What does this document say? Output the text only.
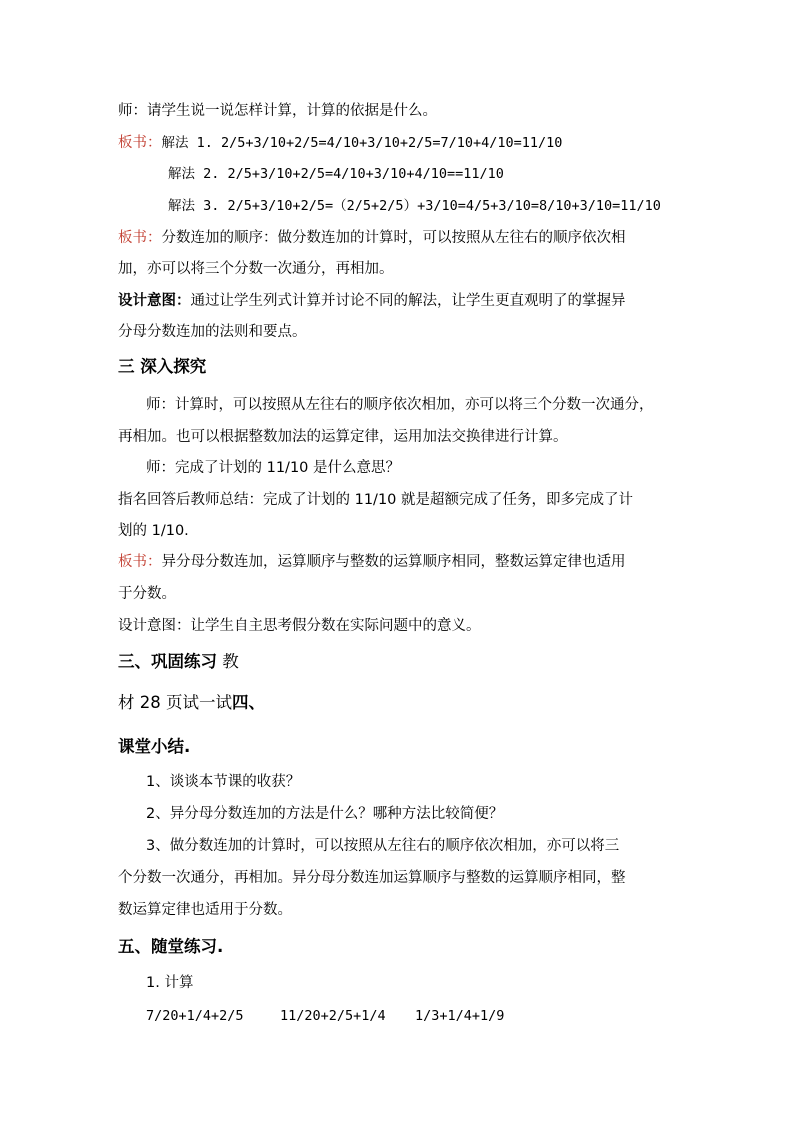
师：请学生说一说怎样计算，计算的依据是什么。
板书：解法 1. 2/5+3/10+2/5=4/10+3/10+2/5=7/10+4/10=11/10
解法 2. 2/5+3/10+2/5=4/10+3/10+4/10==11/10
解法 3. 2/5+3/10+2/5=（2/5+2/5）+3/10=4/5+3/10=8/10+3/10=11/10
板书：分数连加的顺序：做分数连加的计算时，可以按照从左往右的顺序依次相
加，亦可以将三个分数一次通分，再相加。
设计意图：通过让学生列式计算并讨论不同的解法，让学生更直观明了的掌握异
分母分数连加的法则和要点。
三 深入探究
师：计算时，可以按照从左往右的顺序依次相加，亦可以将三个分数一次通分，
再相加。也可以根据整数加法的运算定律，运用加法交换律进行计算。
师：完成了计划的 11/10 是什么意思？
指名回答后教师总结：完成了计划的 11/10 就是超额完成了任务，即多完成了计
划的 1/10.
板书：异分母分数连加，运算顺序与整数的运算顺序相同，整数运算定律也适用
于分数。
设计意图：让学生自主思考假分数在实际问题中的意义。
三、巩固练习 教
材 28 页试一试四、
课堂小结.
1、谈谈本节课的收获？
2、异分母分数连加的方法是什么？哪种方法比较简便？
3、做分数连加的计算时，可以按照从左往右的顺序依次相加，亦可以将三
个分数一次通分，再相加。异分母分数连加运算顺序与整数的运算顺序相同，整
数运算定律也适用于分数。
五、随堂练习.
1. 计算
7/20+1/4+2/5	11/20+2/5+1/4 1/3+1/4+1/9
